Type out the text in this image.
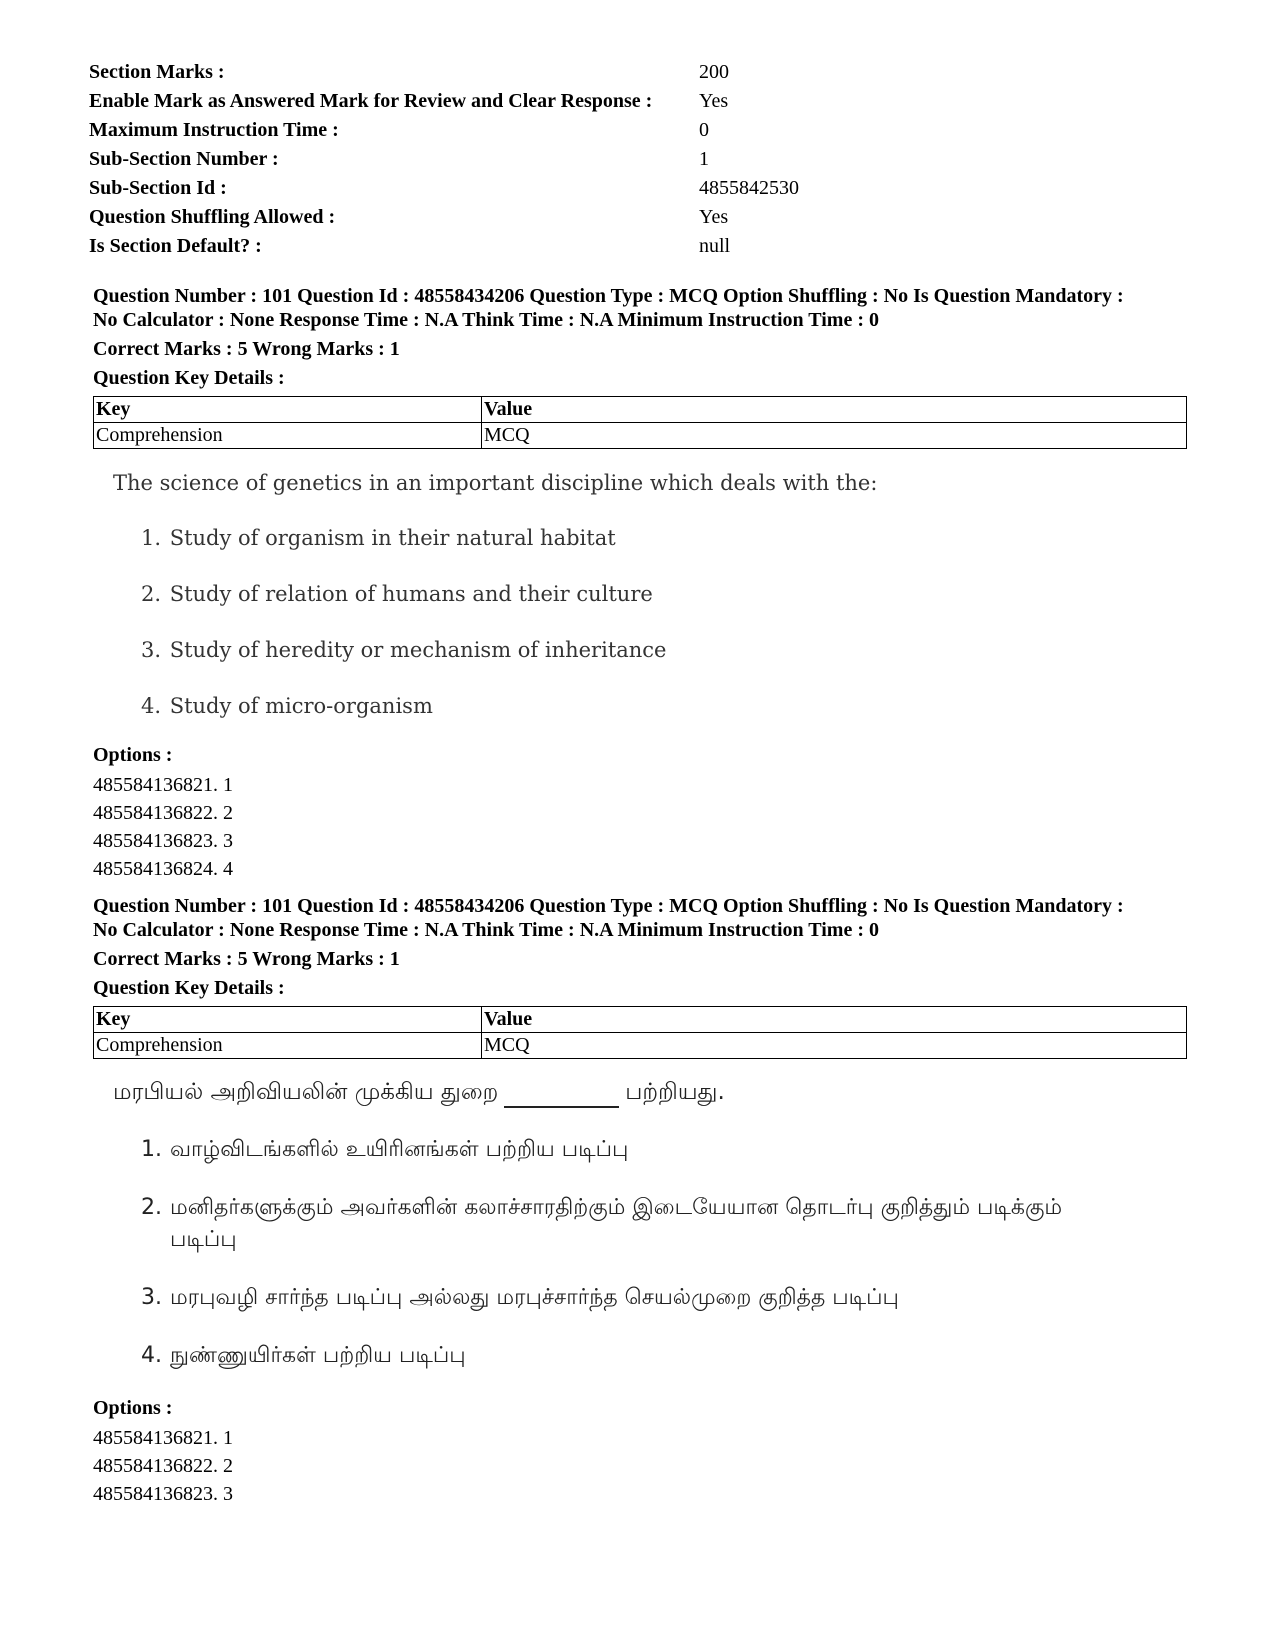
Section Marks :	200
Enable Mark as Answered Mark for Review and Clear Response :	Yes
Maximum Instruction Time :	0
Sub-Section Number :	1
Sub-Section Id :	4855842530
Question Shuffling Allowed :	Yes
Is Section Default? :	null
Question Number : 101 Question Id : 48558434206 Question Type : MCQ Option Shuffling : No Is Question Mandatory :
No Calculator : None Response Time : N.A Think Time : N.A Minimum Instruction Time : 0
Correct Marks : 5 Wrong Marks : 1
Question Key Details :
Key	Value
Comprehension	MCQ
The science of genetics in an important discipline which deals with the:
1. Study of organism in their natural habitat
2. Study of relation of humans and their culture
3. Study of heredity or mechanism of inheritance
4. Study of micro-organism
Options :
485584136821. 1
485584136822. 2
485584136823. 3
485584136824. 4
Question Number : 101 Question Id : 48558434206 Question Type : MCQ Option Shuffling : No Is Question Mandatory :
No Calculator : None Response Time : N.A Think Time : N.A Minimum Instruction Time : 0
Correct Marks : 5 Wrong Marks : 1
Question Key Details :
Key	Value
Comprehension	MCQ
மரபியல் அறிவியலின் முக்கிய துறை	பற்றியது.
1. வாழ்விடங்களில் உயிரினங்கள் பற்றிய படிப்பு
2. மனிதர்களுக்கும் அவர்களின் கலாச்சாரதிற்கும் இடையேயான தொடர்பு குறித்தும் படிக்கும் படிப்பு
3. மரபுவழி சார்ந்த படிப்பு அல்லது மரபுச்சார்ந்த செயல்முறை குறித்த படிப்பு
4. நுண்ணுயிர்கள் பற்றிய படிப்பு
Options :
485584136821. 1
485584136822. 2
485584136823. 3
